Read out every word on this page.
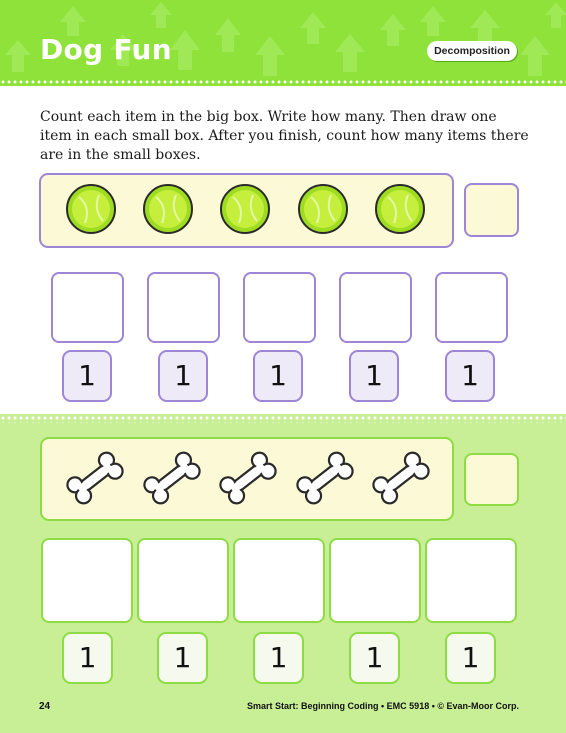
Dog Fun	Decomposition
Count each item in the big box. Write how many. Then draw one item in each small box. After you finish, count how many items there are in the small boxes.
1	1	1	1	1
1	1	1	1	1
24	Smart Start: Beginning Coding • EMC 5918 • © Evan-Moor Corp.
